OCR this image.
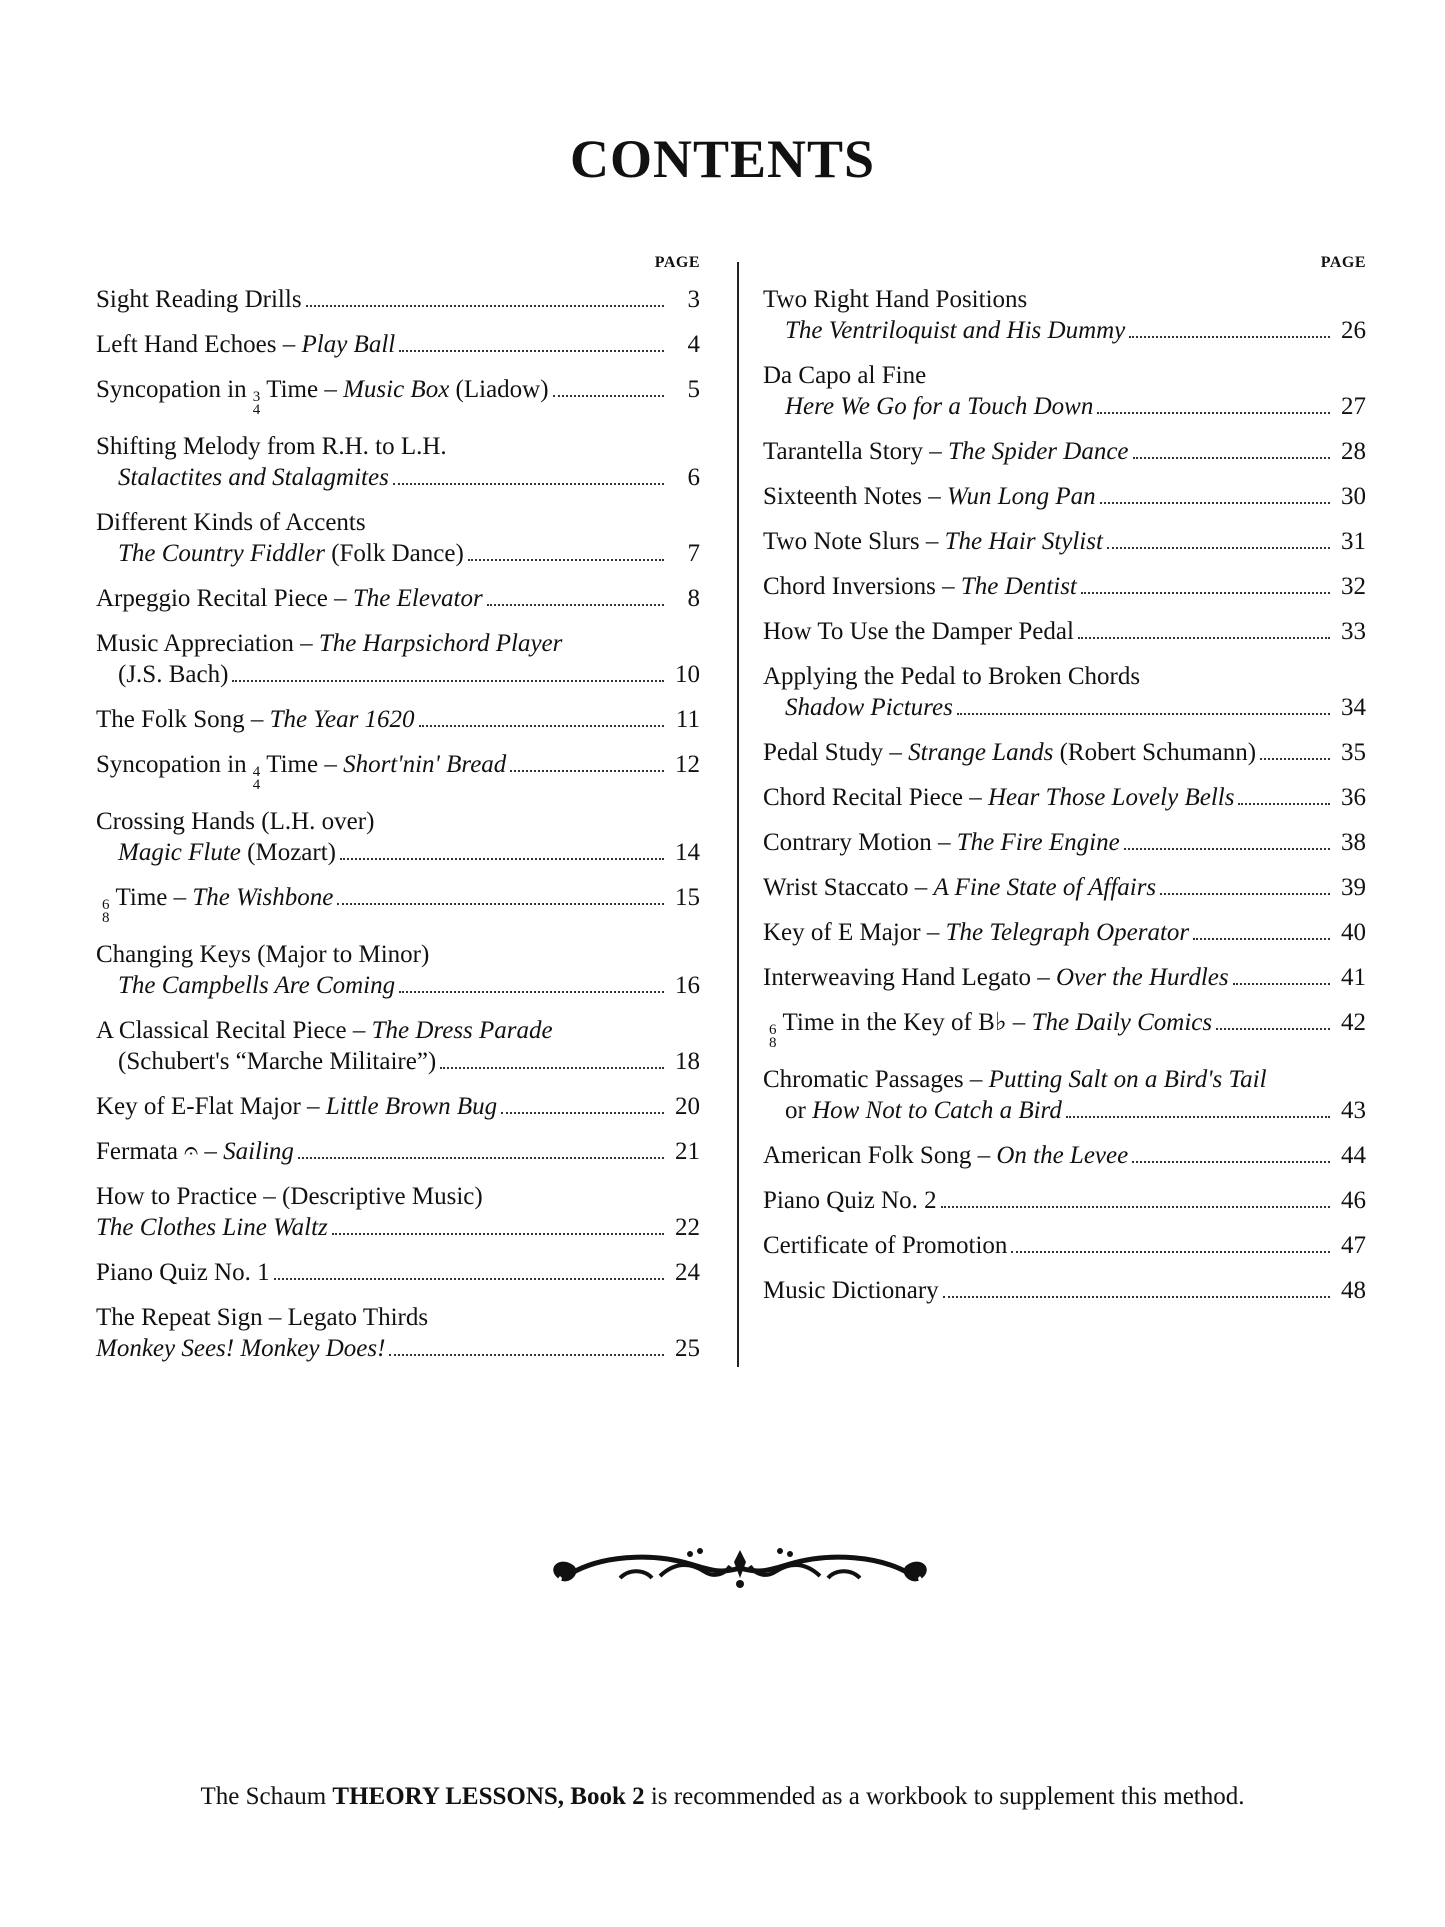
CONTENTS
PAGE
Sight Reading Drills	3
Left Hand Echoes – Play Ball	4
Syncopation in 3
4
Time – Music Box (Liadow)	5
Shifting Melody from R.H. to L.H.
Stalactites and Stalagmites	6
Different Kinds of Accents
The Country Fiddler (Folk Dance)	7
Arpeggio Recital Piece – The Elevator	8
Music Appreciation – The Harpsichord Player
(J.S. Bach)	10
The Folk Song – The Year 1620	11
Syncopation in 4
4
Time – Short'nin' Bread	12
Crossing Hands (L.H. over)
Magic Flute (Mozart)	14
6
8
Time – The Wishbone	15
Changing Keys (Major to Minor)
The Campbells Are Coming	16
A Classical Recital Piece – The Dress Parade
(Schubert's “Marche Militaire”)	18
Key of E-Flat Major – Little Brown Bug	20
Fermata 𝄐 – Sailing	21
How to Practice – (Descriptive Music)
The Clothes Line Waltz	22
Piano Quiz No. 1	24
The Repeat Sign – Legato Thirds
Monkey Sees! Monkey Does!	25
PAGE
Two Right Hand Positions
The Ventriloquist and His Dummy	26
Da Capo al Fine
Here We Go for a Touch Down	27
Tarantella Story – The Spider Dance	28
Sixteenth Notes – Wun Long Pan	30
Two Note Slurs – The Hair Stylist	31
Chord Inversions – The Dentist	32
How To Use the Damper Pedal	33
Applying the Pedal to Broken Chords
Shadow Pictures	34
Pedal Study – Strange Lands (Robert Schumann)	35
Chord Recital Piece – Hear Those Lovely Bells	36
Contrary Motion – The Fire Engine	38
Wrist Staccato – A Fine State of Affairs	39
Key of E Major – The Telegraph Operator	40
Interweaving Hand Legato – Over the Hurdles	41
6
8
Time in the Key of B♭ – The Daily Comics	42
Chromatic Passages – Putting Salt on a Bird's Tail
or How Not to Catch a Bird	43
American Folk Song – On the Levee	44
Piano Quiz No. 2	46
Certificate of Promotion	47
Music Dictionary	48
The Schaum THEORY LESSONS, Book 2 is recommended as a workbook to supplement this method.
